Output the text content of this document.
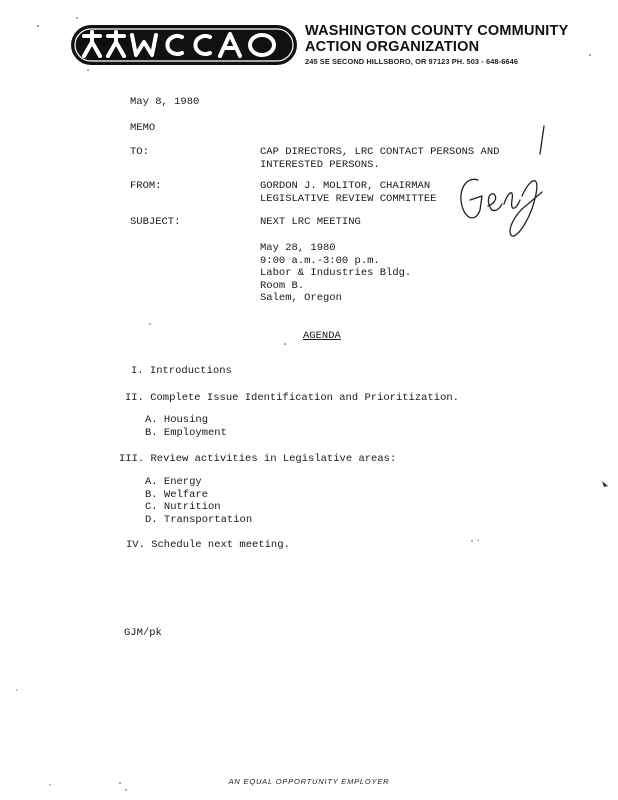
WASHINGTON COUNTY COMMUNITY
ACTION ORGANIZATION
245 SE SECOND HILLSBORO, OR 97123 PH. 503 - 648-6646
May 8, 1980
MEMO
TO:	CAP DIRECTORS, LRC CONTACT PERSONS AND
INTERESTED PERSONS.
FROM:	GORDON J. MOLITOR, CHAIRMAN
LEGISLATIVE REVIEW COMMITTEE
SUBJECT:	NEXT LRC MEETING
May 28, 1980
9:00 a.m.-3:00 p.m.
Labor & Industries Bldg.
Room B.
Salem, Oregon
AGENDA
I. Introductions
II. Complete Issue Identification and Prioritization.
A. Housing
B. Employment
III. Review activities in Legislative areas:
A. Energy
B. Welfare
C. Nutrition
D. Transportation
IV. Schedule next meeting.
GJM/pk
AN EQUAL OPPORTUNITY EMPLOYER
